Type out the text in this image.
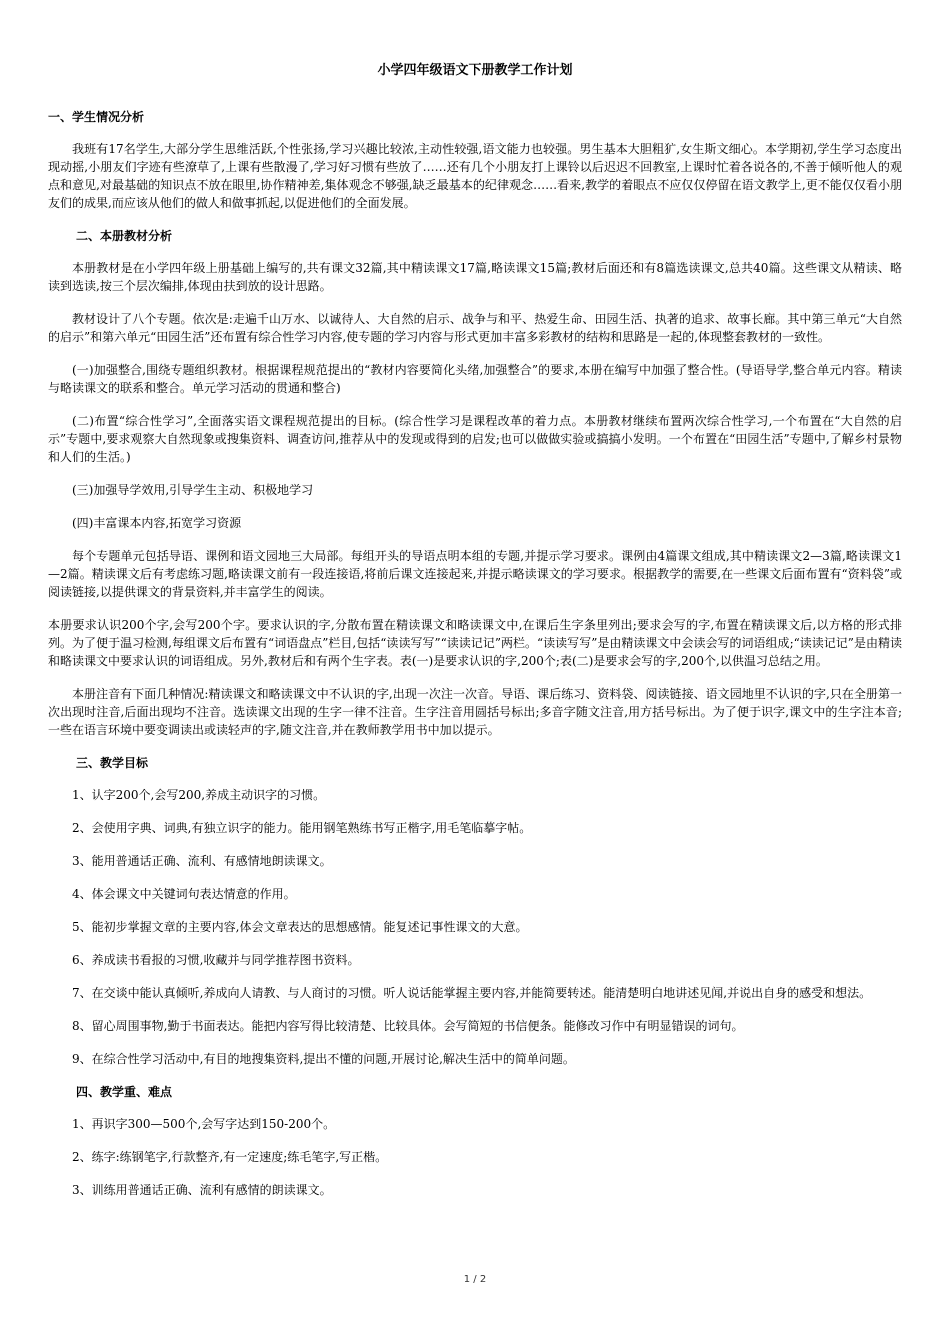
小学四年级语文下册教学工作计划
一、学生情况分析

我班有17名学生,大部分学生思维活跃,个性张扬,学习兴趣比较浓,主动性较强,语文能力也较强。男生基本大胆粗犷,女生斯文细心。本学期初,学生学习态度出现动摇,小朋友们字迹有些潦草了,上课有些散漫了,学习好习惯有些放了……还有几个小朋友打上课铃以后迟迟不回教室,上课时忙着各说各的,不善于倾听他人的观点和意见,对最基础的知识点不放在眼里,协作精神差,集体观念不够强,缺乏最基本的纪律观念……看来,教学的着眼点不应仅仅停留在语文教学上,更不能仅仅看小朋友们的成果,而应该从他们的做人和做事抓起,以促进他们的全面发展。

二、本册教材分析

本册教材是在小学四年级上册基础上编写的,共有课文32篇,其中精读课文17篇,略读课文15篇;教材后面还和有8篇选读课文,总共40篇。这些课文从精读、略读到选读,按三个层次编排,体现由扶到放的设计思路。

教材设计了八个专题。依次是:走遍千山万水、以诚待人、大自然的启示、战争与和平、热爱生命、田园生活、执著的追求、故事长廊。其中第三单元“大自然的启示”和第六单元“田园生活”还布置有综合性学习内容,使专题的学习内容与形式更加丰富多彩教材的结构和思路是一起的,体现整套教材的一致性。

(一)加强整合,围绕专题组织教材。根据课程规范提出的“教材内容要简化头绪,加强整合”的要求,本册在编写中加强了整合性。(导语导学,整合单元内容。精读与略读课文的联系和整合。单元学习活动的贯通和整合)

(二)布置“综合性学习”,全面落实语文课程规范提出的目标。(综合性学习是课程改革的着力点。本册教材继续布置两次综合性学习,一个布置在“大自然的启示”专题中,要求观察大自然现象或搜集资料、调查访问,推荐从中的发现或得到的启发;也可以做做实验或搞搞小发明。一个布置在“田园生活”专题中,了解乡村景物和人们的生活。)

(三)加强导学效用,引导学生主动、积极地学习

(四)丰富课本内容,拓宽学习资源

每个专题单元包括导语、课例和语文园地三大局部。每组开头的导语点明本组的专题,并提示学习要求。课例由4篇课文组成,其中精读课文2—3篇,略读课文1—2篇。精读课文后有考虑练习题,略读课文前有一段连接语,将前后课文连接起来,并提示略读课文的学习要求。根据教学的需要,在一些课文后面布置有“资料袋”或阅读链接,以提供课文的背景资料,并丰富学生的阅读。

本册要求认识200个字,会写200个字。要求认识的字,分散布置在精读课文和略读课文中,在课后生字条里列出;要求会写的字,布置在精读课文后,以方格的形式排列。为了便于温习检测,每组课文后布置有“词语盘点”栏目,包括“读读写写”“读读记记”两栏。“读读写写”是由精读课文中会读会写的词语组成;“读读记记”是由精读和略读课文中要求认识的词语组成。另外,教材后和有两个生字表。表(一)是要求认识的字,200个;表(二)是要求会写的字,200个,以供温习总结之用。

本册注音有下面几种情况:精读课文和略读课文中不认识的字,出现一次注一次音。导语、课后练习、资料袋、阅读链接、语文园地里不认识的字,只在全册第一次出现时注音,后面出现均不注音。选读课文出现的生字一律不注音。生字注音用圆括号标出;多音字随文注音,用方括号标出。为了便于识字,课文中的生字注本音;一些在语言环境中要变调读出或读轻声的字,随文注音,并在教师教学用书中加以提示。

三、教学目标

1、认字200个,会写200,养成主动识字的习惯。

2、会使用字典、词典,有独立识字的能力。能用钢笔熟练书写正楷字,用毛笔临摹字帖。

3、能用普通话正确、流利、有感情地朗读课文。

4、体会课文中关键词句表达情意的作用。

5、能初步掌握文章的主要内容,体会文章表达的思想感情。能复述记事性课文的大意。

6、养成读书看报的习惯,收藏并与同学推荐图书资料。

7、在交谈中能认真倾听,养成向人请教、与人商讨的习惯。听人说话能掌握主要内容,并能简要转述。能清楚明白地讲述见闻,并说出自身的感受和想法。

8、留心周围事物,勤于书面表达。能把内容写得比较清楚、比较具体。会写简短的书信便条。能修改习作中有明显错误的词句。

9、在综合性学习活动中,有目的地搜集资料,提出不懂的问题,开展讨论,解决生活中的简单问题。

四、教学重、难点

1、再识字300—500个,会写字达到150-200个。

2、练字:练钢笔字,行款整齐,有一定速度;练毛笔字,写正楷。

3、训练用普通话正确、流利有感情的朗读课文。

1 / 2
